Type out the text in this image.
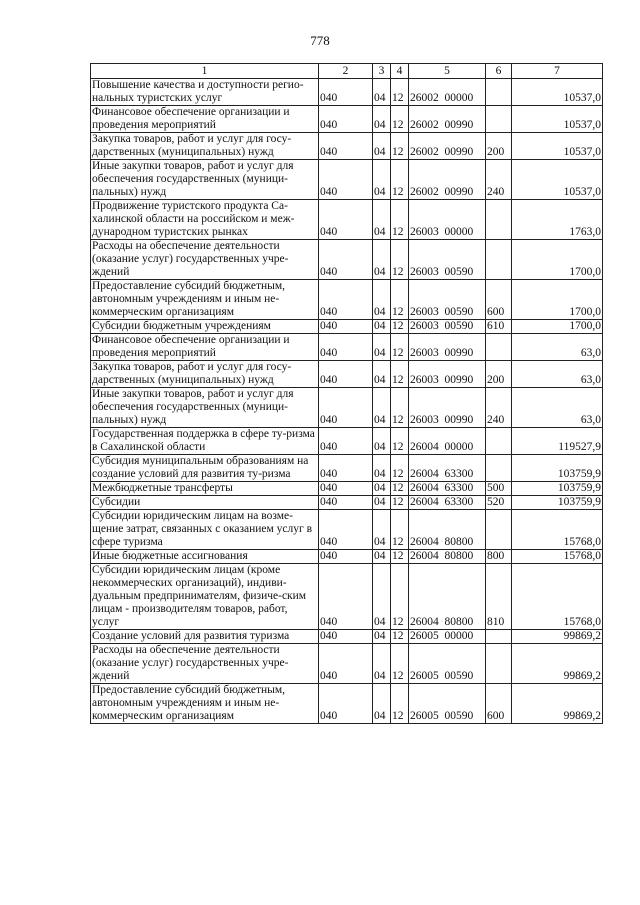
778
1	2	3	4	5	6	7
Повышение качества и доступности регио-нальных туристских услуг	040	04	12	26002  00000		10537,0
Финансовое обеспечение организации и проведения мероприятий	040	04	12	26002  00990		10537,0
Закупка товаров, работ и услуг для госу-дарственных (муниципальных) нужд	040	04	12	26002  00990	200	10537,0
Иные закупки товаров, работ и услуг для обеспечения государственных (муници-пальных) нужд	040	04	12	26002  00990	240	10537,0
Продвижение туристского продукта Са-халинской области на российском и меж-дународном туристских рынках	040	04	12	26003  00000		1763,0
Расходы на обеспечение деятельности (оказание услуг) государственных учре-ждений	040	04	12	26003  00590		1700,0
Предоставление субсидий бюджетным, автономным учреждениям и иным не-коммерческим организациям	040	04	12	26003  00590	600	1700,0
Субсидии бюджетным учреждениям	040	04	12	26003  00590	610	1700,0
Финансовое обеспечение организации и проведения мероприятий	040	04	12	26003  00990		63,0
Закупка товаров, работ и услуг для госу-дарственных (муниципальных) нужд	040	04	12	26003  00990	200	63,0
Иные закупки товаров, работ и услуг для обеспечения государственных (муници-пальных) нужд	040	04	12	26003  00990	240	63,0
Государственная поддержка в сфере ту-ризма в Сахалинской области	040	04	12	26004  00000		119527,9
Субсидия муниципальным образованиям на создание условий для развития ту-ризма	040	04	12	26004  63300		103759,9
Межбюджетные трансферты	040	04	12	26004  63300	500	103759,9
Субсидии	040	04	12	26004  63300	520	103759,9
Субсидии юридическим лицам на возме-щение затрат, связанных с оказанием услуг в сфере туризма	040	04	12	26004  80800		15768,0
Иные бюджетные ассигнования	040	04	12	26004  80800	800	15768,0
Субсидии юридическим лицам (кроме некоммерческих организаций), индиви-дуальным предпринимателям, физиче-ским лицам - производителям товаров, работ, услуг	040	04	12	26004  80800	810	15768,0
Создание условий для развития туризма	040	04	12	26005  00000		99869,2
Расходы на обеспечение деятельности (оказание услуг) государственных учре-ждений	040	04	12	26005  00590		99869,2
Предоставление субсидий бюджетным, автономным учреждениям и иным не-коммерческим организациям	040	04	12	26005  00590	600	99869,2
